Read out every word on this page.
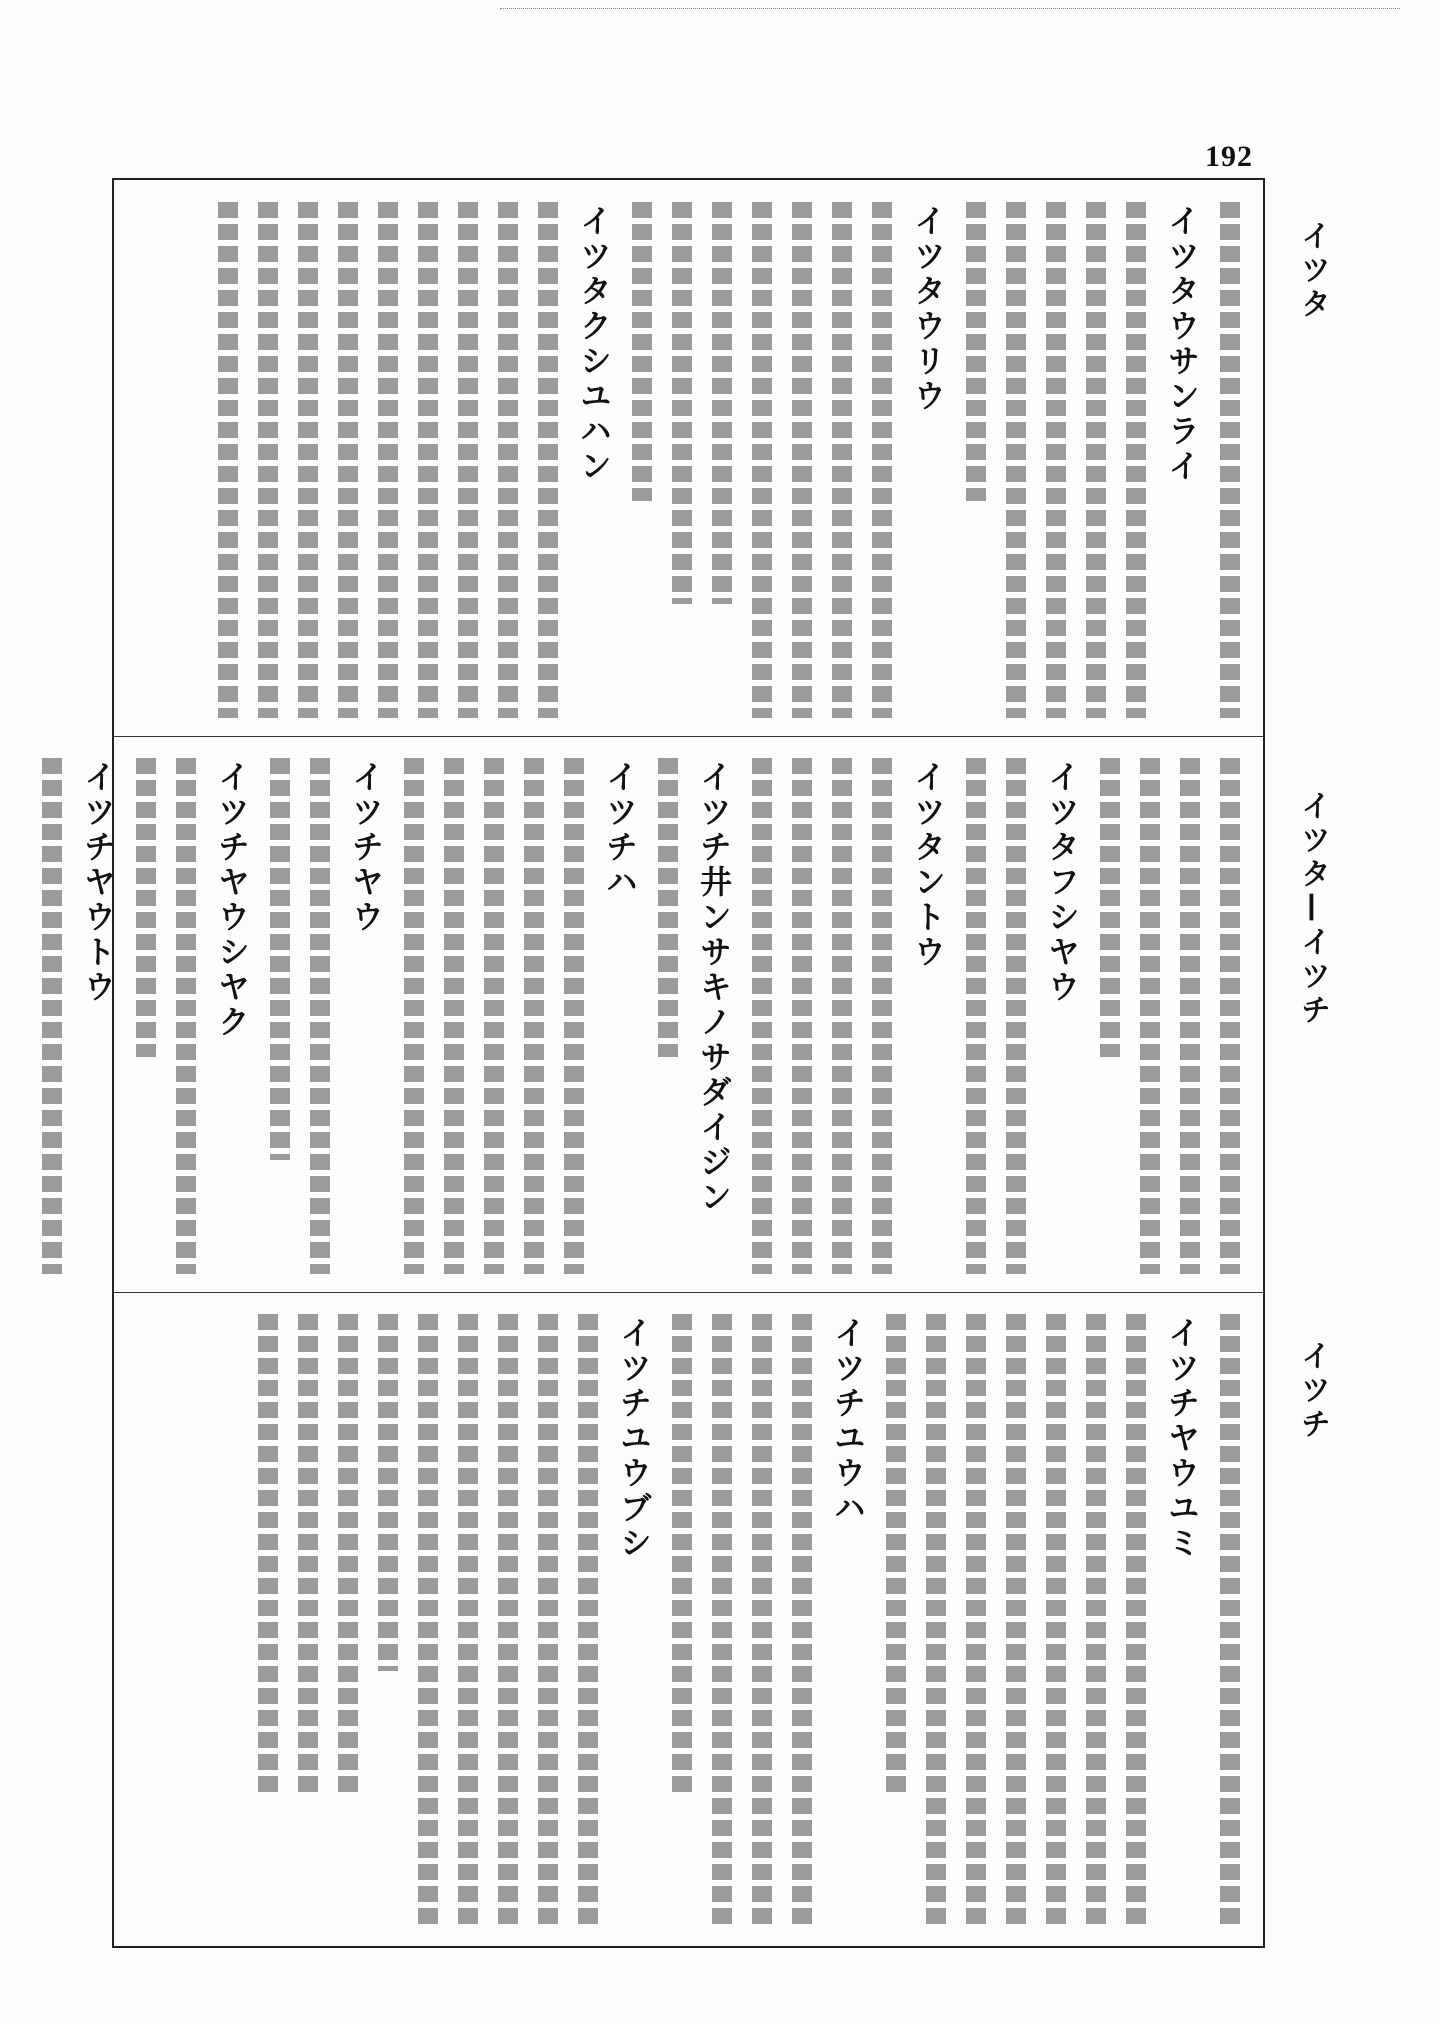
192
イツタ
イツタ—イツチ
イツチ
イツタウサンライ
イツタウリウ
イツタクシユハン
イツタフシヤウ
イツタントウ
イツチ井ンサキノサダイジン
イツチハ
イツチヤウ
イツチヤウシヤク
イツチヤウトウ
イツチヤウユミ
イツチユウハ
イツチユウブシ
